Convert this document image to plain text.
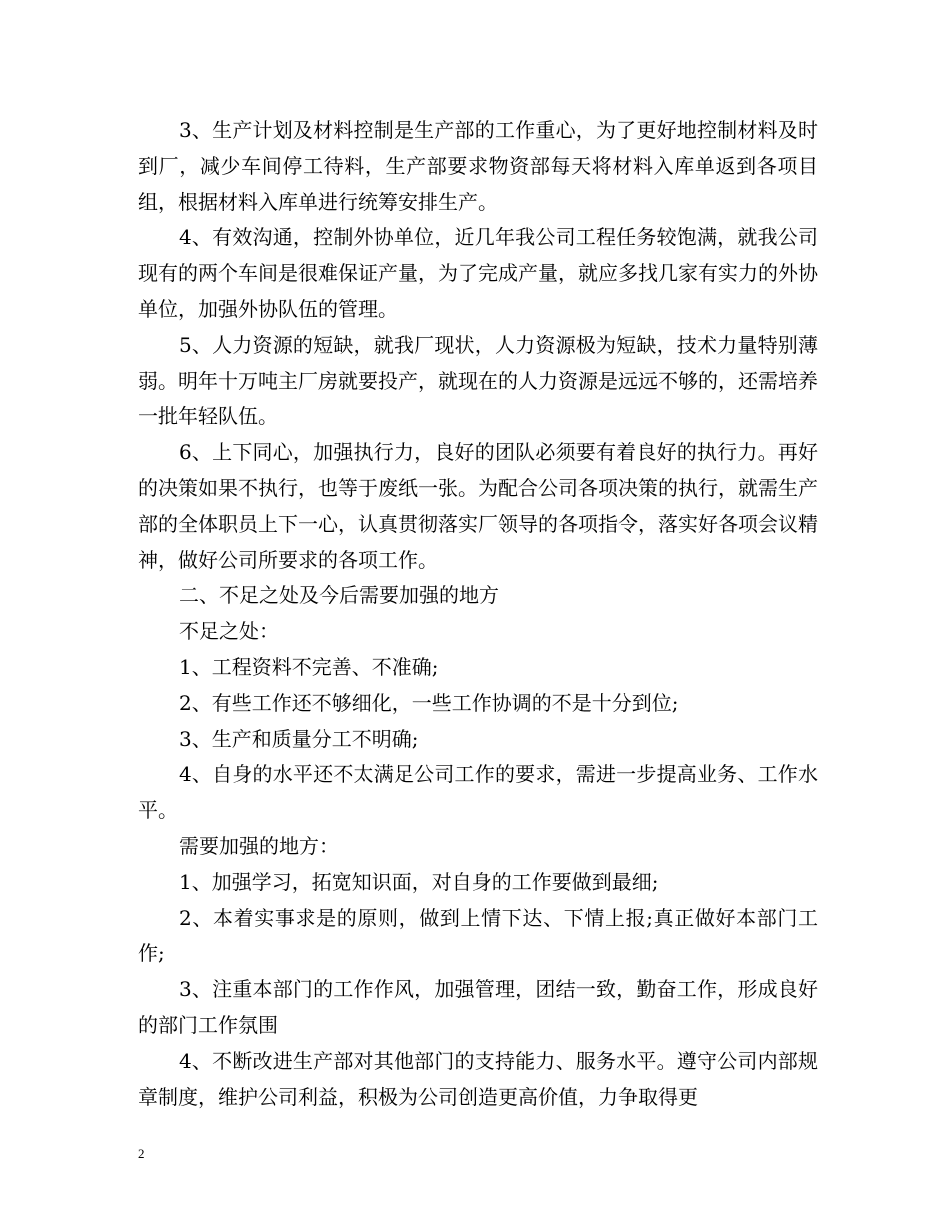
3、生产计划及材料控制是生产部的工作重心，为了更好地控制材料及时到厂，减少车间停工待料，生产部要求物资部每天将材料入库单返到各项目组，根据材料入库单进行统筹安排生产。

4、有效沟通，控制外协单位，近几年我公司工程任务较饱满，就我公司现有的两个车间是很难保证产量，为了完成产量，就应多找几家有实力的外协单位，加强外协队伍的管理。

5、人力资源的短缺，就我厂现状，人力资源极为短缺，技术力量特别薄弱。明年十万吨主厂房就要投产，就现在的人力资源是远远不够的，还需培养一批年轻队伍。

6、上下同心，加强执行力，良好的团队必须要有着良好的执行力。再好的决策如果不执行，也等于废纸一张。为配合公司各项决策的执行，就需生产部的全体职员上下一心，认真贯彻落实厂领导的各项指令，落实好各项会议精神，做好公司所要求的各项工作。

二、不足之处及今后需要加强的地方

不足之处：

1、工程资料不完善、不准确;

2、有些工作还不够细化，一些工作协调的不是十分到位;

3、生产和质量分工不明确;

4、自身的水平还不太满足公司工作的要求，需进一步提高业务、工作水平。

需要加强的地方：

1、加强学习，拓宽知识面，对自身的工作要做到最细;

2、本着实事求是的原则，做到上情下达、下情上报;真正做好本部门工作;

3、注重本部门的工作作风，加强管理，团结一致，勤奋工作，形成良好的部门工作氛围

4、不断改进生产部对其他部门的支持能力、服务水平。遵守公司内部规章制度，维护公司利益，积极为公司创造更高价值，力争取得更

2
